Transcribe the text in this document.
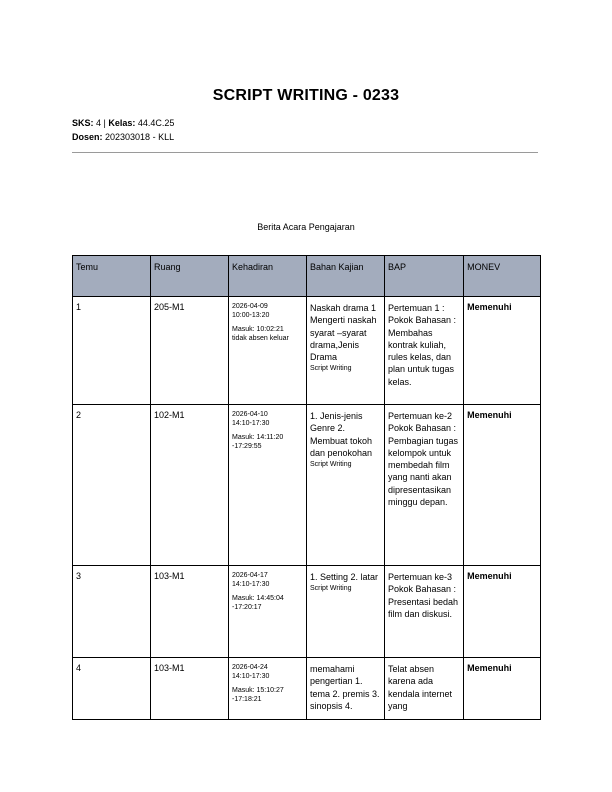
SCRIPT WRITING - 0233
SKS: 4 | Kelas: 44.4C.25
Dosen: 202303018 - KLL
Berita Acara Pengajaran
Temu	Ruang	Kehadiran	Bahan Kajian	BAP	MONEV
1	205-M1	2026-04-09
10:00-13:20
Masuk: 10:02:21
tidak absen keluar	Naskah drama 1 Mengerti naskah syarat –syarat drama,Jenis Drama
Script Writing	Pertemuan 1 : Pokok Bahasan : Membahas kontrak kuliah, rules kelas, dan plan untuk tugas kelas.	Memenuhi
2	102-M1	2026-04-10
14:10-17:30
Masuk: 14:11:20
-17:29:55	1. Jenis-jenis Genre 2. Membuat tokoh dan penokohan
Script Writing	Pertemuan ke-2 Pokok Bahasan : Pembagian tugas kelompok untuk membedah film yang nanti akan dipresentasikan minggu depan.	Memenuhi
3	103-M1	2026-04-17
14:10-17:30
Masuk: 14:45:04
-17:20:17	1. Setting 2. latar
Script Writing	Pertemuan ke-3 Pokok Bahasan : Presentasi bedah film dan diskusi.	Memenuhi
4	103-M1	2026-04-24
14:10-17:30
Masuk: 15:10:27
-17:18:21	memahami pengertian 1. tema 2. premis 3. sinopsis 4.	Telat absen karena ada kendala internet yang	Memenuhi
